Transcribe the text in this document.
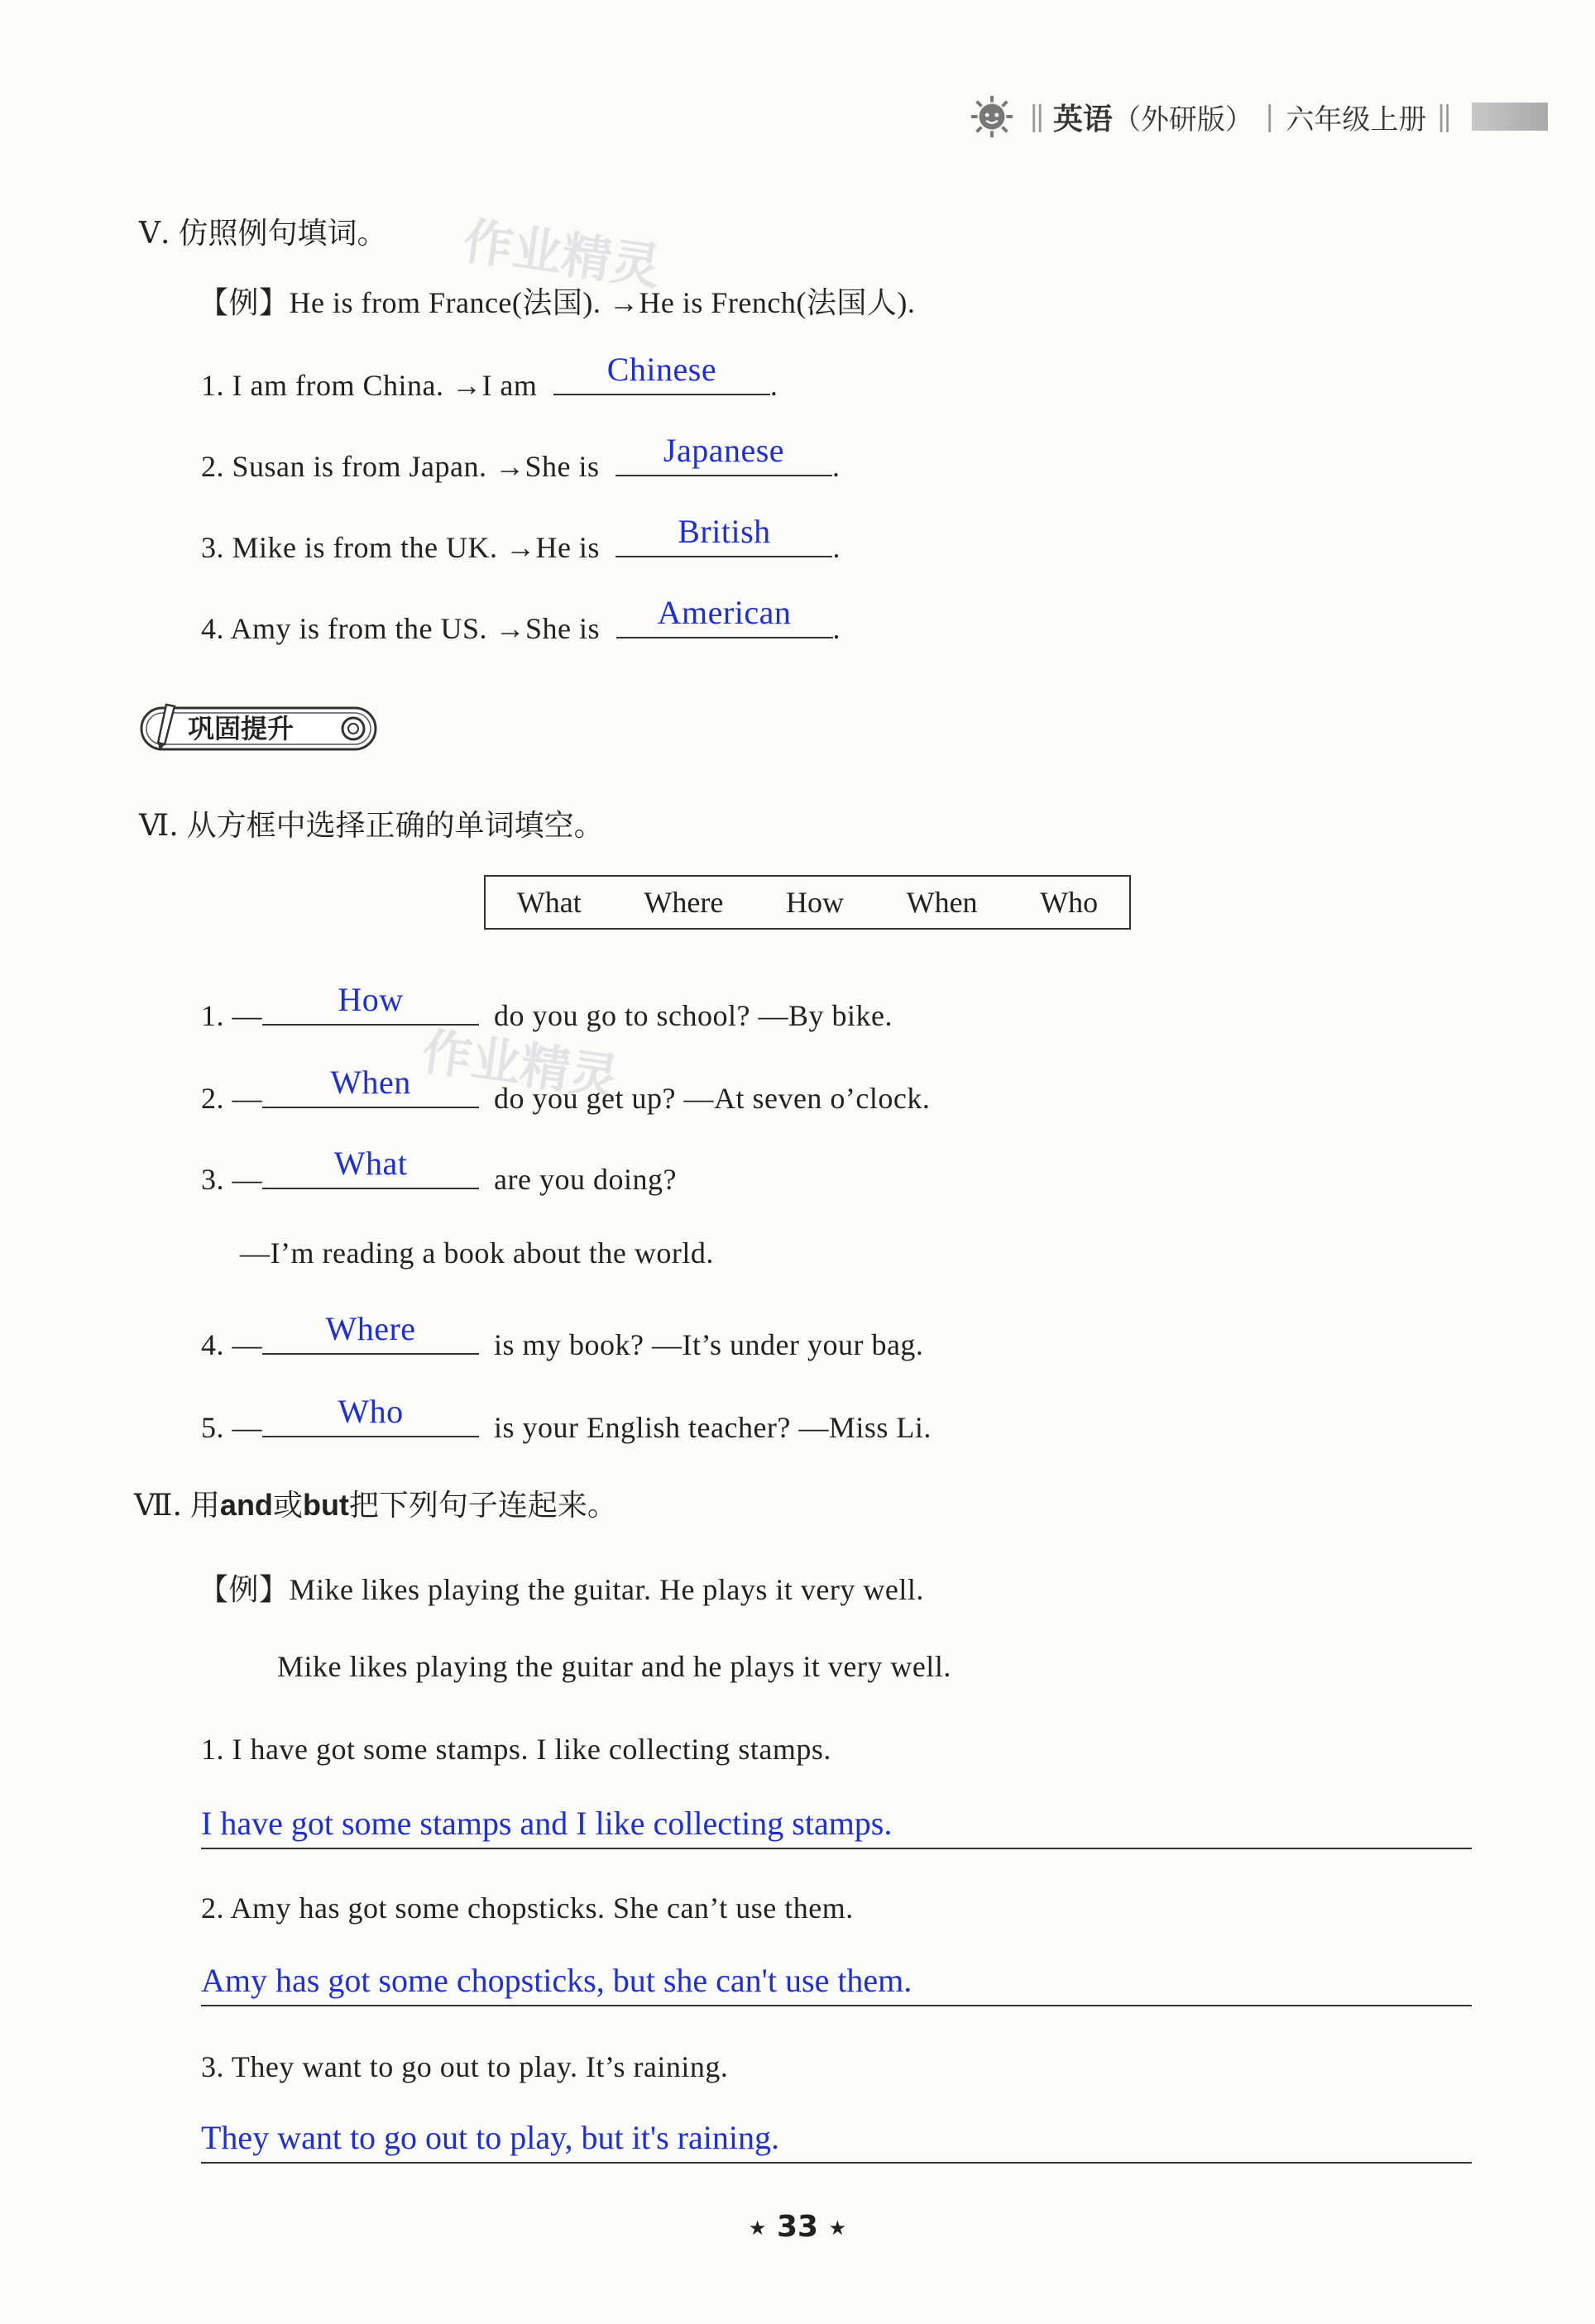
|| 英语 （外研版） | 六年级上册 ||
Ⅴ. 仿照例句填词。 作业精灵
【例】He is from France(法国). →He is French(法国人).
1. I am from China. →I am	Chinese	.
2. Susan is from Japan. →She is	Japanese	.
3. Mike is from the UK. →He is	British	.
4. Amy is from the US. →She is	American	.
巩固提升
Ⅵ. 从方框中选择正确的单词填空。
What Where How When Who
作业精灵
1. —	How	do you go to school? —By bike.
2. —	When	do you get up? —At seven o’clock.
3. —	What	are you doing?
—I’m reading a book about the world.
4. —	Where	is my book? —It’s under your bag.
5. —	Who	is your English teacher? —Miss Li.
Ⅶ. 用and或but把下列句子连起来。
【例】Mike likes playing the guitar. He plays it very well.
Mike likes playing the guitar and he plays it very well.
1. I have got some stamps. I like collecting stamps.
I have got some stamps and I like collecting stamps.
2. Amy has got some chopsticks. She can’t use them.
Amy has got some chopsticks, but she can't use them.
3. They want to go out to play. It’s raining.
They want to go out to play, but it's raining.
★ 33 ★
